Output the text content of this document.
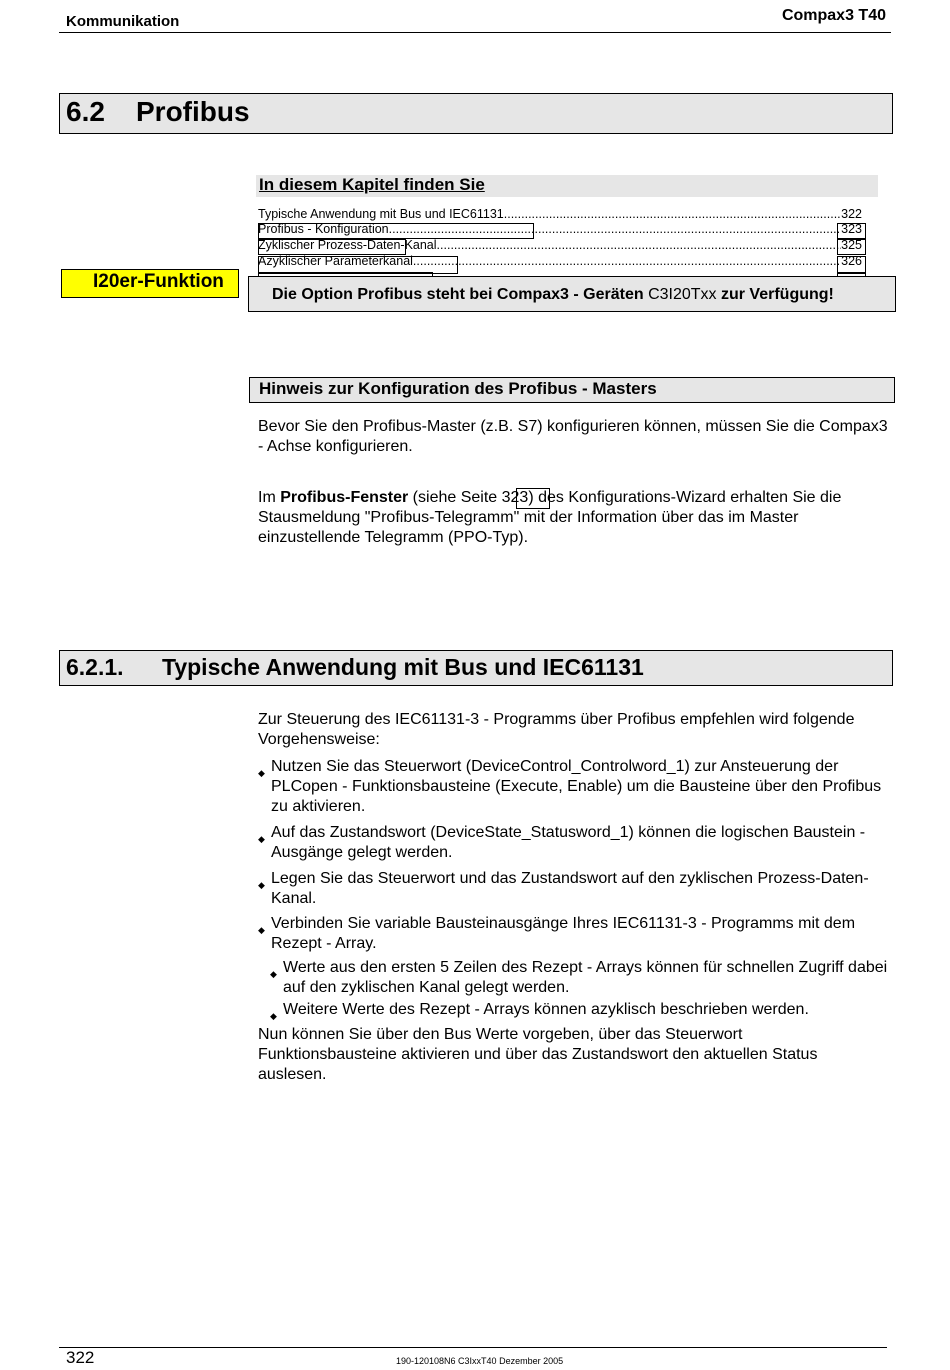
Kommunikation	Compax3 T40
6.2 Profibus
In diesem Kapitel finden Sie
Typische Anwendung mit Bus und IEC61131 .....	322
Profibus - Konfiguration .....	323
Zyklischer Prozess-Daten-Kanal .....	325
Azyklischer Parameterkanal .....	326
I20er-Funktion
Die Option Profibus steht bei Compax3 - Geräten C3I20Txx zur Verfügung!
Hinweis zur Konfiguration des Profibus - Masters
Bevor Sie den Profibus-Master (z.B. S7) konfigurieren können, müssen Sie die Compax3 - Achse konfigurieren.
Im Profibus-Fenster (siehe Seite 323) des Konfigurations-Wizard erhalten Sie die Stausmeldung "Profibus-Telegramm" mit der Information über das im Master einzustellende Telegramm (PPO-Typ).
6.2.1. Typische Anwendung mit Bus und IEC61131
Zur Steuerung des IEC61131-3 - Programms über Profibus empfehlen wird folgende Vorgehensweise:
◆ Nutzen Sie das Steuerwort (DeviceControl_Controlword_1) zur Ansteuerung der PLCopen - Funktionsbausteine (Execute, Enable) um die Bausteine über den Profibus zu aktivieren.
◆ Auf das Zustandswort (DeviceState_Statusword_1) können die logischen Baustein - Ausgänge gelegt werden.
◆ Legen Sie das Steuerwort und das Zustandswort auf den zyklischen Prozess-Daten-Kanal.
◆ Verbinden Sie variable Bausteinausgänge Ihres IEC61131-3 - Programms mit dem Rezept - Array.
◆ Werte aus den ersten 5 Zeilen des Rezept - Arrays können für schnellen Zugriff dabei auf den zyklischen Kanal gelegt werden.
◆ Weitere Werte des Rezept - Arrays können azyklisch beschrieben werden.
Nun können Sie über den Bus Werte vorgeben, über das Steuerwort Funktionsbausteine aktivieren und über das Zustandswort den aktuellen Status auslesen.
322	190-120108N6 C3IxxT40 Dezember 2005
